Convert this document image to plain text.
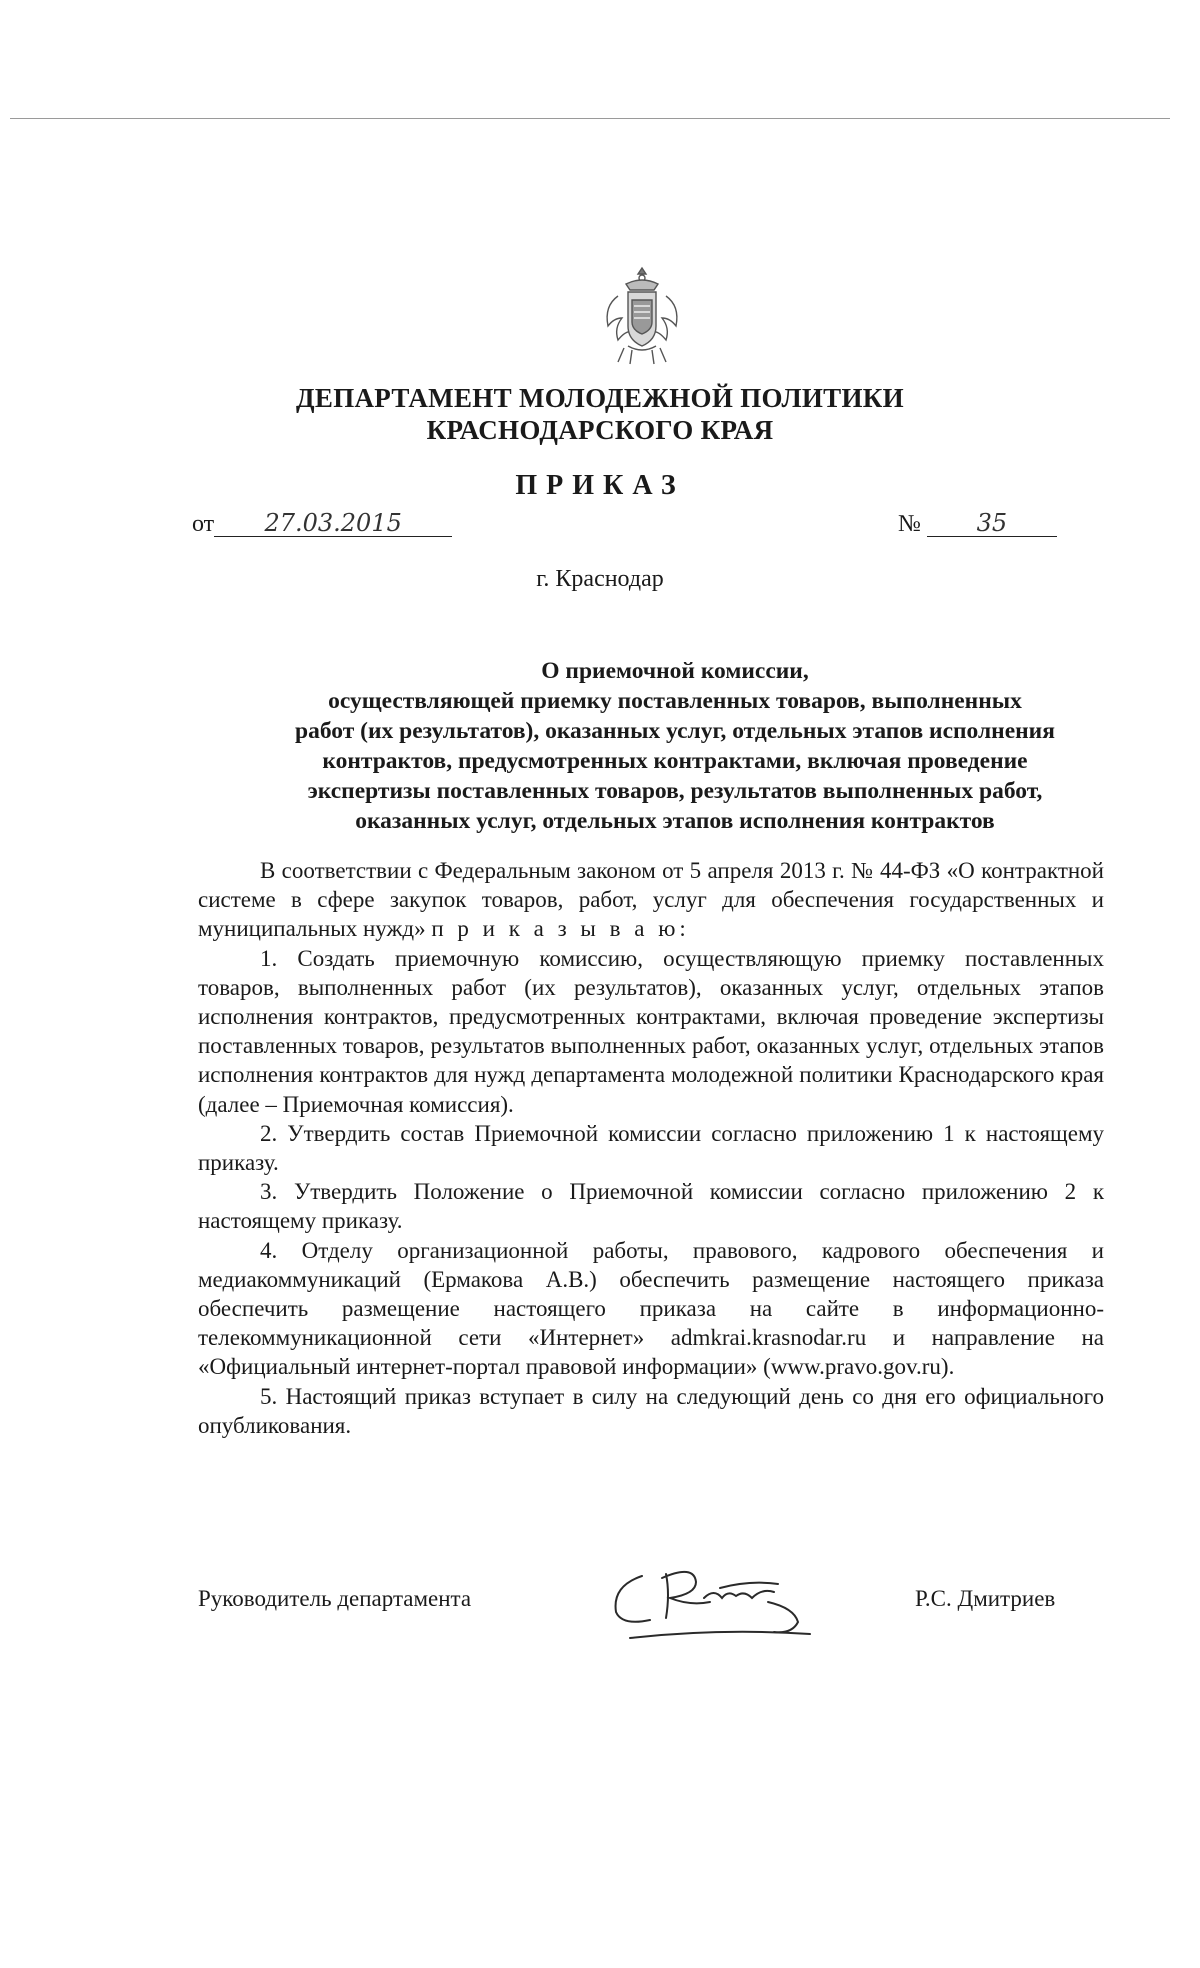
ДЕПАРТАМЕНТ МОЛОДЕЖНОЙ ПОЛИТИКИ
КРАСНОДАРСКОГО КРАЯ
ПРИКАЗ
от 27.03.2015	№ 35
г. Краснодар
О приемочной комиссии,
осуществляющей приемку поставленных товаров, выполненных
работ (их результатов), оказанных услуг, отдельных этапов исполнения
контрактов, предусмотренных контрактами, включая проведение
экспертизы поставленных товаров, результатов выполненных работ,
оказанных услуг, отдельных этапов исполнения контрактов

В соответствии с Федеральным законом от 5 апреля 2013 г. № 44-ФЗ «О контрактной системе в сфере закупок товаров, работ, услуг для обеспечения государственных и муниципальных нужд» п р и к а з ы в а ю:

1. Создать приемочную комиссию, осуществляющую приемку поставленных товаров, выполненных работ (их результатов), оказанных услуг, отдельных этапов исполнения контрактов, предусмотренных контрактами, включая проведение экспертизы поставленных товаров, результатов выполненных работ, оказанных услуг, отдельных этапов исполнения контрактов для нужд департамента молодежной политики Краснодарского края (далее – Приемочная комиссия).

2. Утвердить состав Приемочной комиссии согласно приложению 1 к настоящему приказу.

3. Утвердить Положение о Приемочной комиссии согласно приложению 2 к настоящему приказу.

4. Отделу организационной работы, правового, кадрового обеспечения и медиакоммуникаций (Ермакова А.В.) обеспечить размещение настоящего приказа обеспечить размещение настоящего приказа на сайте в информационно-телекоммуникационной сети «Интернет» admkrai.krasnodar.ru и направление на «Официальный интернет-портал правовой информации» (www.pravo.gov.ru).

5. Настоящий приказ вступает в силу на следующий день со дня его официального опубликования.

Руководитель департамента	Р.С. Дмитриев
